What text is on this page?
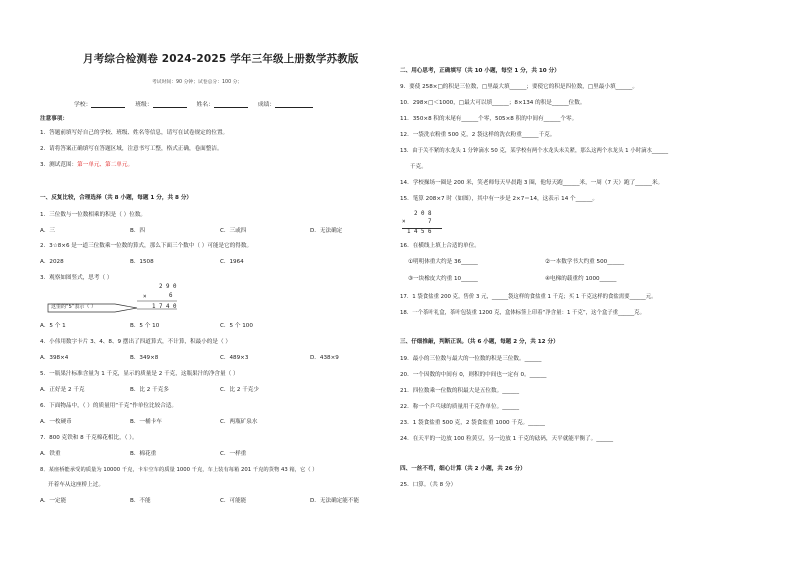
月考综合检测卷 2024-2025 学年三年级上册数学苏教版
考试时间：90 分钟；试卷总分：100 分；
学校：	班级：	姓名：	成绩：
注意事项：
1．答题前填写好自己的学校、班级、姓名等信息，请写在试卷规定的位置。
2．请将答案正确填写在答题区域，注意书写工整，格式正确，卷面整洁。
3．测试范围：第一单元、第二单元。
一、反复比较，合理选择（共 8 小题，每题 1 分，共 8 分）
1．三位数与一位数相乘的积是（ ）位数。
A．三	B．四	C．三或四	D．无法确定
2．3☆8×6 是一道三位数乘一位数的算式，那么下面三个数中（ ）可能是它的得数。
A．2028	B．1508	C．1964
3．观察如图竖式，思考（ ）
这里的“5”表示（ ）
2 9 0
6
×
1 7 4 0
A．5 个 1	B．5 个 10	C．5 个 100
4．小伟用数字卡片 3、4、8、9 摆出了四道算式，不计算，积最小的是（ ）
A．398×4	B．349×8	C．489×3	D．438×9
5．一瓶果汁标准含量为 1 千克，显示的质量是 2 千克，这瓶果汁的净含量（ ）
A．正好是 2 千克	B．比 2 千克多	C．比 2 千克少
6．下面物品中，（ ）的质量用“千克”作单位比较合适。
A．一枚硬币	B．一桶卡车	C．两瓶矿泉水
7．800 克铁和 8 千克棉花相比，（ ）。
A．铁重	B．棉花重	C．一样重
8．某座桥能承受的质量为 10000 千克，卡车空车的质量 1000 千克，车上装有每箱 201 千克的货物 43 箱，它（ ）
开着车从这座桥上过。
A．一定能	B．不能	C．可能能	D．无法确定能不能
二、用心思考，正确填写（共 10 小题，每空 1 分，共 10 分）
9．要使 258×□的积是三位数，□里最大填______；要使它的积是四位数，□里最小填______。
10．298×□＜1000，□最大可以填______；8×134 的积是______位数。
11．350×8 积的末尾有______个零，505×8 积的中间有______个零。
12．一袋洗衣粉重 500 克，2 袋这样的洗衣粉重______千克。
13．由于关不紧的水龙头 1 分钟滴水 50 克，某学校有两个水龙头未关紧，那么这两个水龙头 1 小时滴水______
千克。
14．学校操场一圈是 200 米，笑老师每天早晨跑 3 圈，他每天跑______米，一周（7 天）跑了______米。
15．笔算 208×7 时（如图），其中有一步是 2×7＝14，这表示 14 个______。
2 0 8
×	7
1 4 5 6
16．在横线上填上合适的单位。
①明明体重大约是 36______	②一本数学书大约重 500______
③一块橡皮大约重 10______	④电梯的载重约 1000______
17．1 袋食盐重 200 克，售价 3 元，______袋这样的食盐重 1 千克；买 1 千克这样的食盐需要______元。
18．一个茶叶礼盒，茶叶包装重 1200 克，盒体标签上印着“净含量：1 千克”，这个盒子重______克。
三、仔细推敲，判断正误。（共 6 小题，每题 2 分，共 12 分）
19．最小的三位数与最大的一位数的积是三位数。______
20．一个因数的中间有 0，则积的中间也一定有 0。______
21．四位数乘一位数的积最大是五位数。______
22．称一个乒乓球的质量用千克作单位。______
23．1 袋食盐重 500 克，2 袋食盐重 1000 千克。______
24．在天平的一边放 100 粒黄豆，另一边放 1 千克的砝码，天平就能平衡了。______
四、一丝不苟，细心计算（共 2 小题，共 26 分）
25．口算。（共 8 分）
